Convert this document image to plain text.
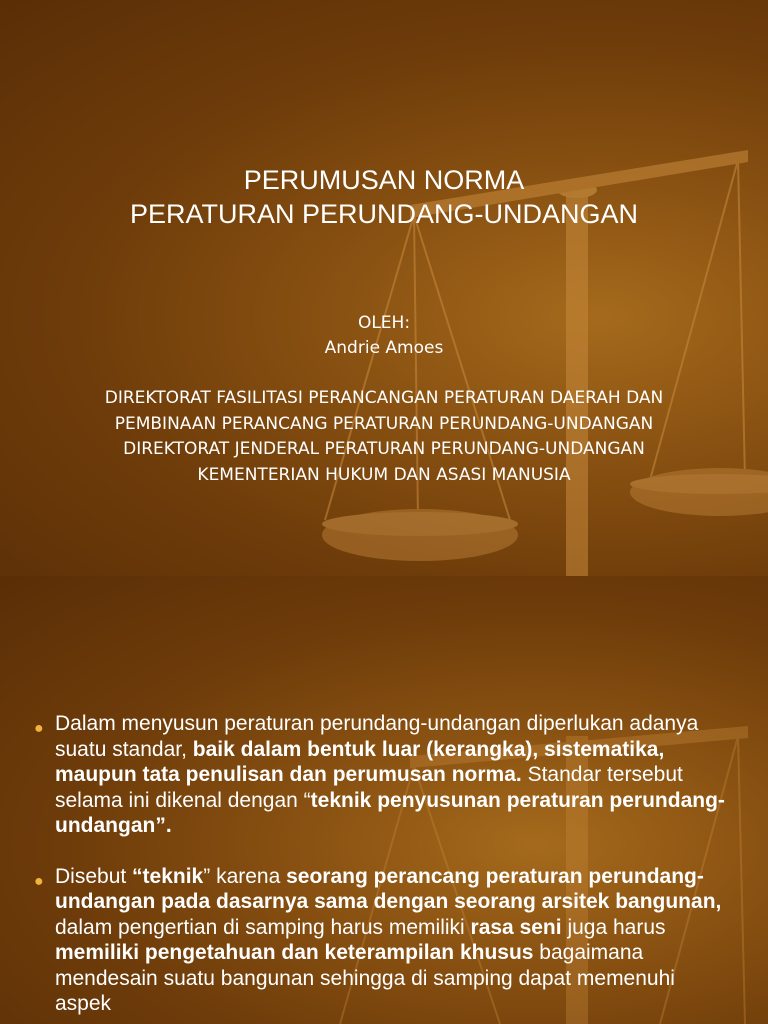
PERUMUSAN NORMA
PERATURAN PERUNDANG-UNDANGAN
OLEH:
Andrie Amoes
DIREKTORAT FASILITASI PERANCANGAN PERATURAN DAERAH DAN
PEMBINAAN PERANCANG PERATURAN PERUNDANG-UNDANGAN
DIREKTORAT JENDERAL PERATURAN PERUNDANG-UNDANGAN
KEMENTERIAN HUKUM DAN ASASI MANUSIA
● Dalam menyusun peraturan perundang-undangan diperlukan adanya suatu standar, baik dalam bentuk luar (kerangka), sistematika, maupun tata penulisan dan perumusan norma. Standar tersebut selama ini dikenal dengan “teknik penyusunan peraturan perundang-undangan”.
● Disebut “teknik” karena seorang perancang peraturan perundang-undangan pada dasarnya sama dengan seorang arsitek bangunan, dalam pengertian di samping harus memiliki rasa seni juga harus memiliki pengetahuan dan keterampilan khusus bagaimana mendesain suatu bangunan sehingga di samping dapat memenuhi aspek
